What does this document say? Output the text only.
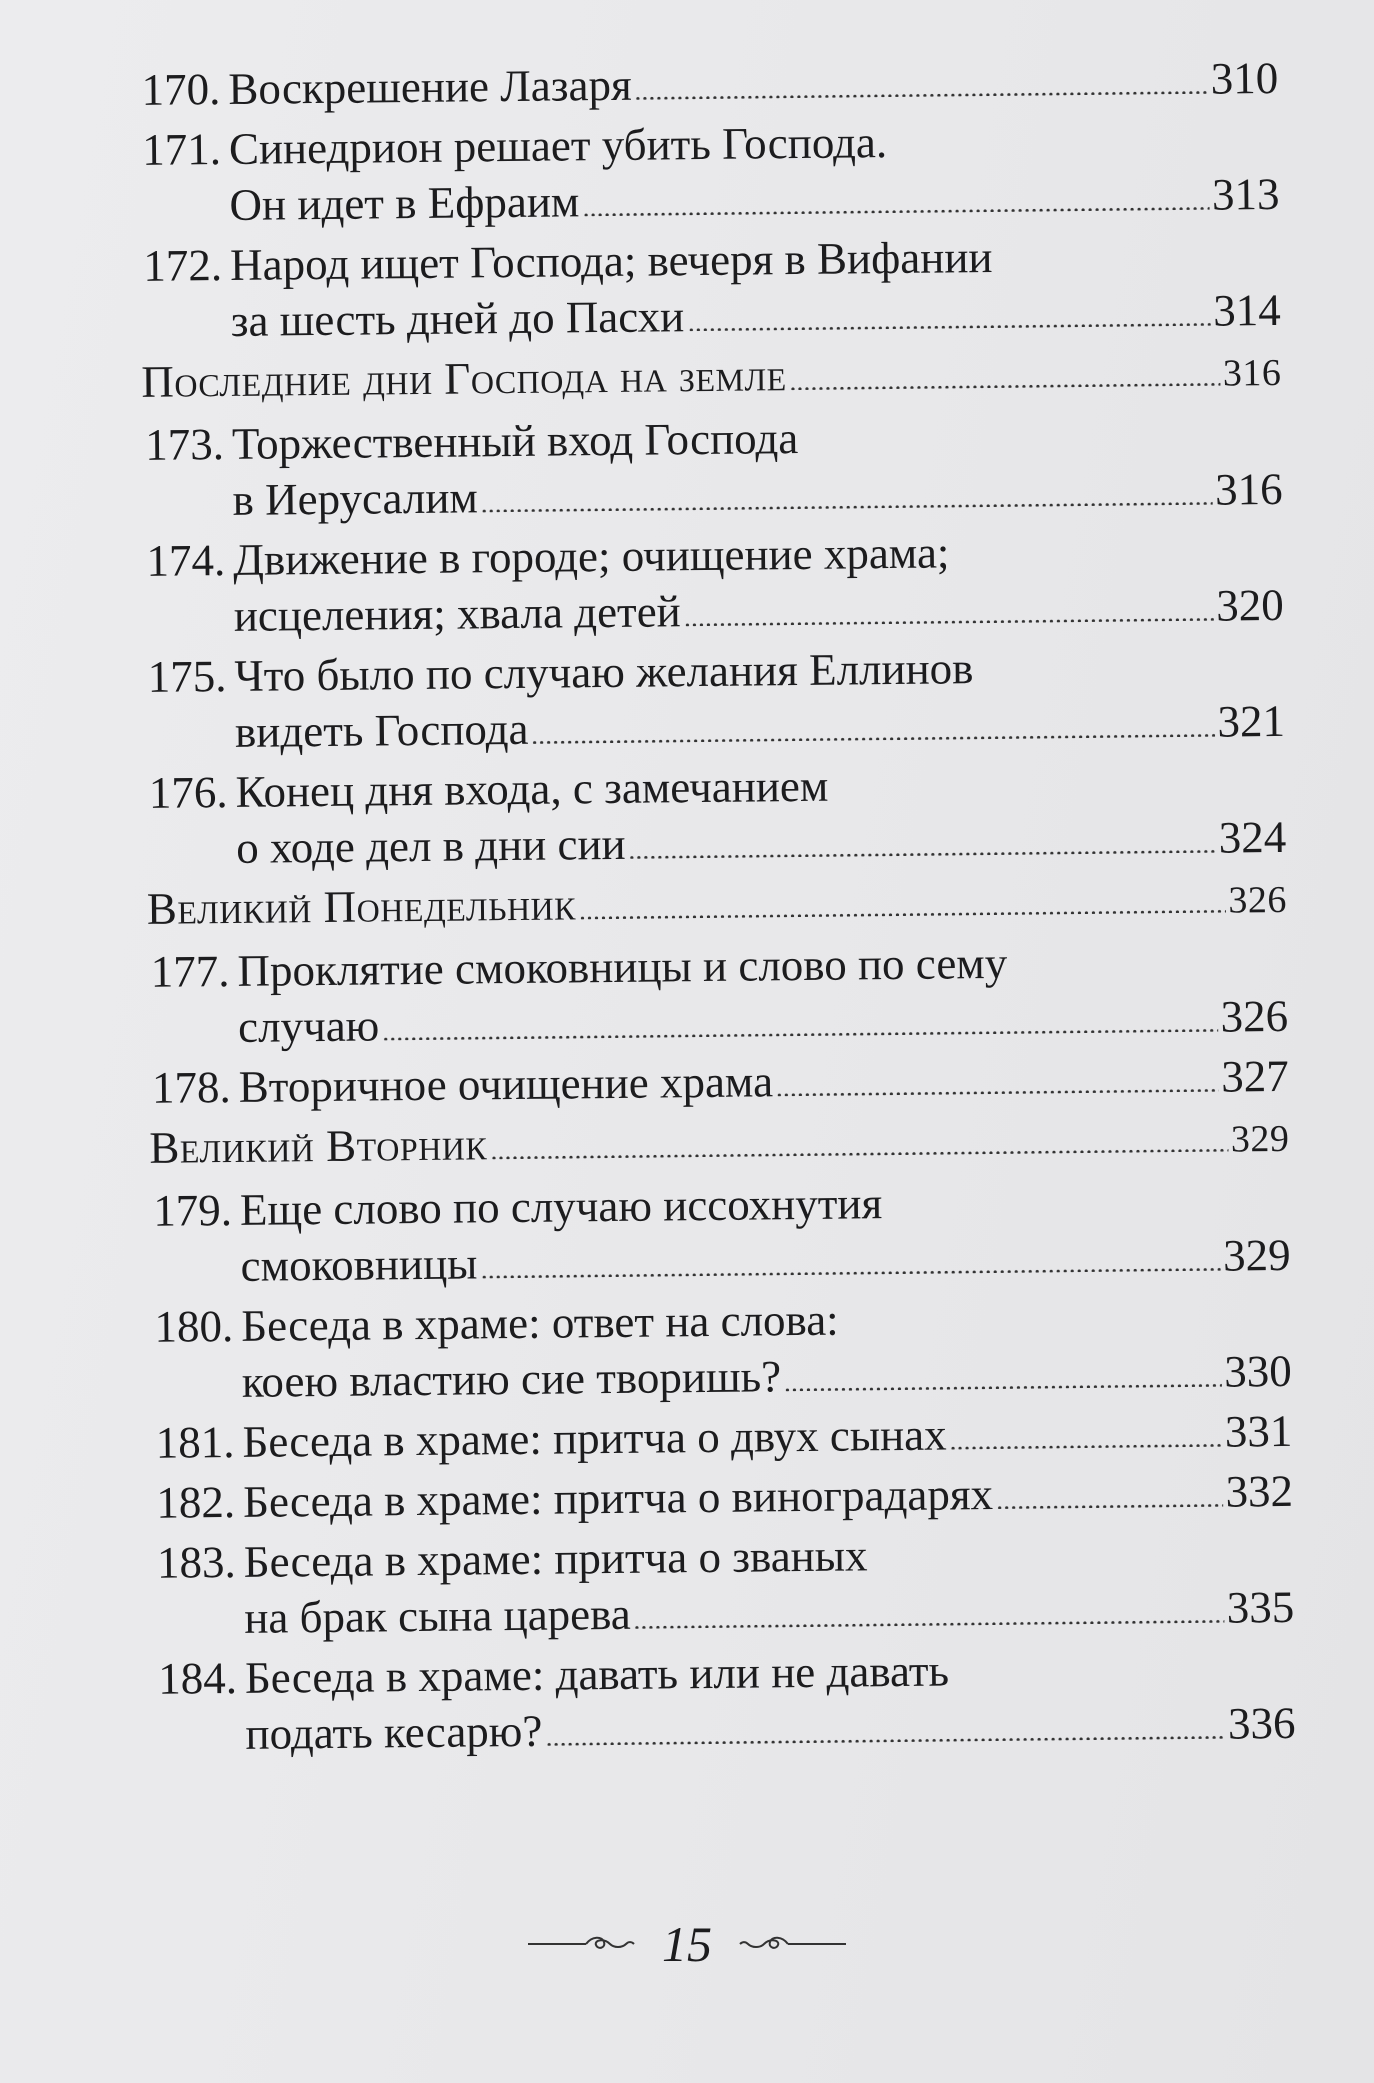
170. Воскрешение Лазаря	310
171. Синедрион решает убить Господа.
Он идет в Ефраим	313
172. Народ ищет Господа; вечеря в Вифании
за шесть дней до Пасхи	314
Последние дни Господа на земле	316
173. Торжественный вход Господа
в Иерусалим	316
174. Движение в городе; очищение храма;
исцеления; хвала детей	320
175. Что было по случаю желания Еллинов
видеть Господа	321
176. Конец дня входа, с замечанием
о ходе дел в дни сии	324
Великий Понедельник	326
177. Проклятие смоковницы и слово по сему
случаю	326
178. Вторичное очищение храма	327
Великий Вторник	329
179. Еще слово по случаю иссохнутия
смоковницы	329
180. Беседа в храме: ответ на слова:
коею властию сие творишь?	330
181. Беседа в храме: притча о двух сынах	331
182. Беседа в храме: притча о виноградарях	332
183. Беседа в храме: притча о званых
на брак сына царева	335
184. Беседа в храме: давать или не давать
подать кесарю?	336
15
